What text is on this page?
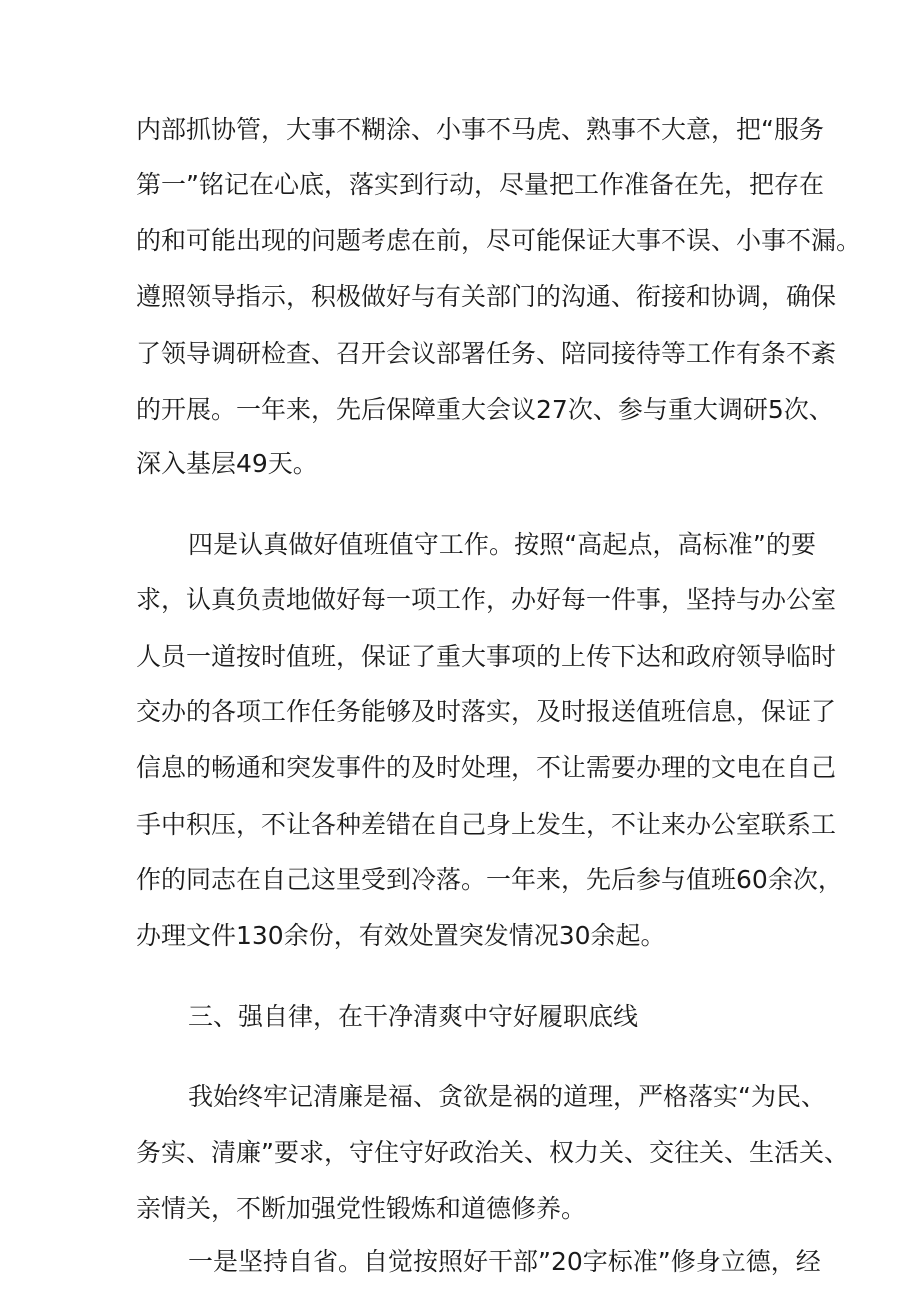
内部抓协管，大事不糊涂、小事不马虎、熟事不大意，把“服务
第一”铭记在心底，落实到行动，尽量把工作准备在先，把存在
的和可能出现的问题考虑在前，尽可能保证大事不误、小事不漏。
遵照领导指示，积极做好与有关部门的沟通、衔接和协调，确保
了领导调研检查、召开会议部署任务、陪同接待等工作有条不紊
的开展。一年来，先后保障重大会议27次、参与重大调研5次、
深入基层49天。
四是认真做好值班值守工作。按照“高起点，高标准”的要
求，认真负责地做好每一项工作，办好每一件事，坚持与办公室
人员一道按时值班，保证了重大事项的上传下达和政府领导临时
交办的各项工作任务能够及时落实，及时报送值班信息，保证了
信息的畅通和突发事件的及时处理，不让需要办理的文电在自己
手中积压，不让各种差错在自己身上发生，不让来办公室联系工
作的同志在自己这里受到冷落。一年来，先后参与值班60余次，
办理文件130余份，有效处置突发情况30余起。
三、强自律，在干净清爽中守好履职底线
我始终牢记清廉是福、贪欲是祸的道理，严格落实“为民、
务实、清廉”要求，守住守好政治关、权力关、交往关、生活关、
亲情关，不断加强党性锻炼和道德修养。
一是坚持自省。自觉按照好干部”20字标准”修身立德，经
